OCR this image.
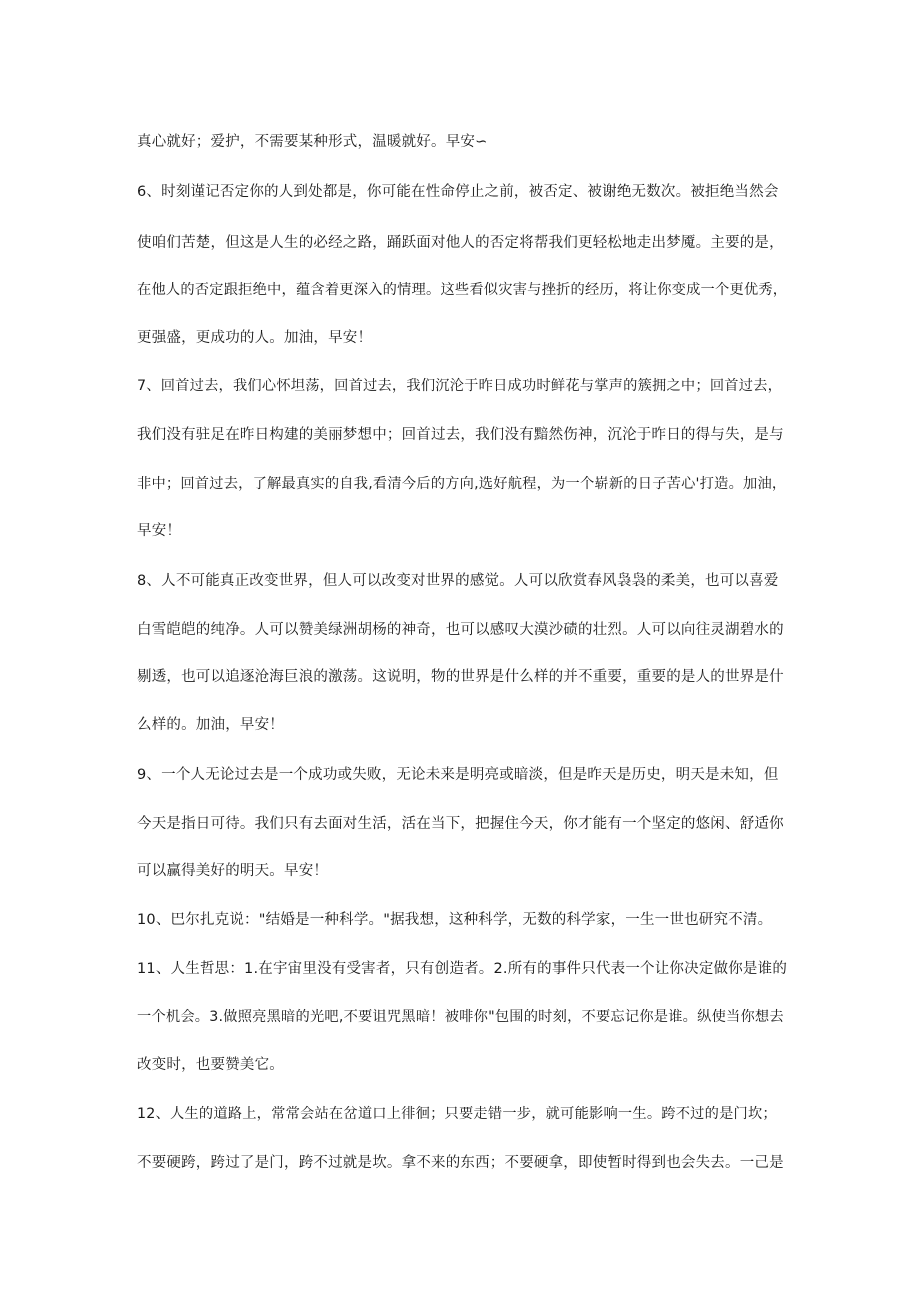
真心就好；爱护，不需要某种形式，温暖就好。早安∽
6、时刻谨记否定你的人到处都是，你可能在性命停止之前，被否定、被谢绝无数次。被拒绝当然会
使咱们苦楚，但这是人生的必经之路，踊跃面对他人的否定将帮我们更轻松地走出梦魇。主要的是，
在他人的否定跟拒绝中，蕴含着更深入的情理。这些看似灾害与挫折的经历，将让你变成一个更优秀，
更强盛，更成功的人。加油，早安！
7、回首过去，我们心怀坦荡，回首过去，我们沉沦于昨日成功时鲜花与掌声的簇拥之中；回首过去，
我们没有驻足在昨日构建的美丽梦想中；回首过去，我们没有黯然伤神，沉沦于昨日的得与失，是与
非中；回首过去，了解最真实的自我,看清今后的方向,选好航程，为一个崭新的日子苦心'打造。加油，
早安！
8、人不可能真正改变世界，但人可以改变对世界的感觉。人可以欣赏春风袅袅的柔美，也可以喜爱
白雪皑皑的纯净。人可以赞美绿洲胡杨的神奇，也可以感叹大漠沙碛的壮烈。人可以向往灵湖碧水的
剔透，也可以追逐沧海巨浪的激荡。这说明，物的世界是什么样的并不重要，重要的是人的世界是什
么样的。加油，早安！
9、一个人无论过去是一个成功或失败，无论未来是明亮或暗淡，但是昨天是历史，明天是未知，但
今天是指日可待。我们只有去面对生活，活在当下，把握住今天，你才能有一个坚定的悠闲、舒适你
可以赢得美好的明天。早安！
10、巴尔扎克说："结婚是一种科学。"据我想，这种科学，无数的科学家，一生一世也研究不清。
11、人生哲思：1.在宇宙里没有受害者，只有创造者。2.所有的事件只代表一个让你决定做你是谁的
一个机会。3.做照亮黑暗的光吧,不要诅咒黑暗！被啡你"包围的时刻，不要忘记你是谁。纵使当你想去
改变时，也要赞美它。
12、人生的道路上，常常会站在岔道口上徘徊；只要走错一步，就可能影响一生。跨不过的是门坎；
不要硬跨，跨过了是门，跨不过就是坎。拿不来的东西；不要硬拿，即使暂时得到也会失去。一己是
